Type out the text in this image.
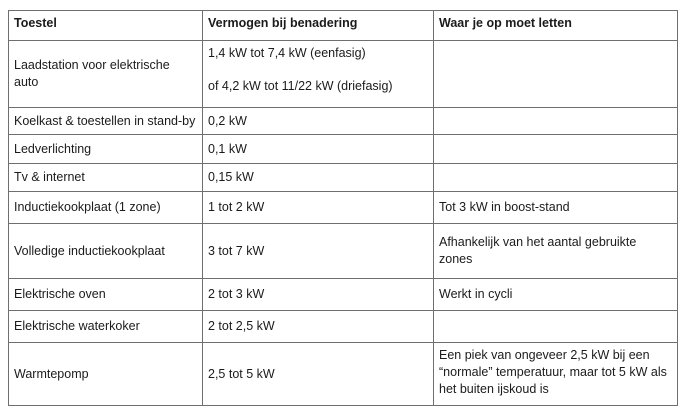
Toestel	Vermogen bij benadering	Waar je op moet letten
Laadstation voor elektrische auto	1,4 kW tot 7,4 kW (eenfasig)
of 4,2 kW tot 11/22 kW (driefasig)	

Koelkast & toestellen in stand-by	0,2 kW	
Ledverlichting	0,1 kW	
Tv & internet	0,15 kW	
Inductiekookplaat (1 zone)	1 tot 2 kW	Tot 3 kW in boost-stand
Volledige inductiekookplaat	3 tot 7 kW	Afhankelijk van het aantal gebruikte zones
Elektrische oven	2 tot 3 kW	Werkt in cycli
Elektrische waterkoker	2 tot 2,5 kW	
Warmtepomp	2,5 tot 5 kW	Een piek van ongeveer 2,5 kW bij een “normale” temperatuur, maar tot 5 kW als het buiten ijskoud is
